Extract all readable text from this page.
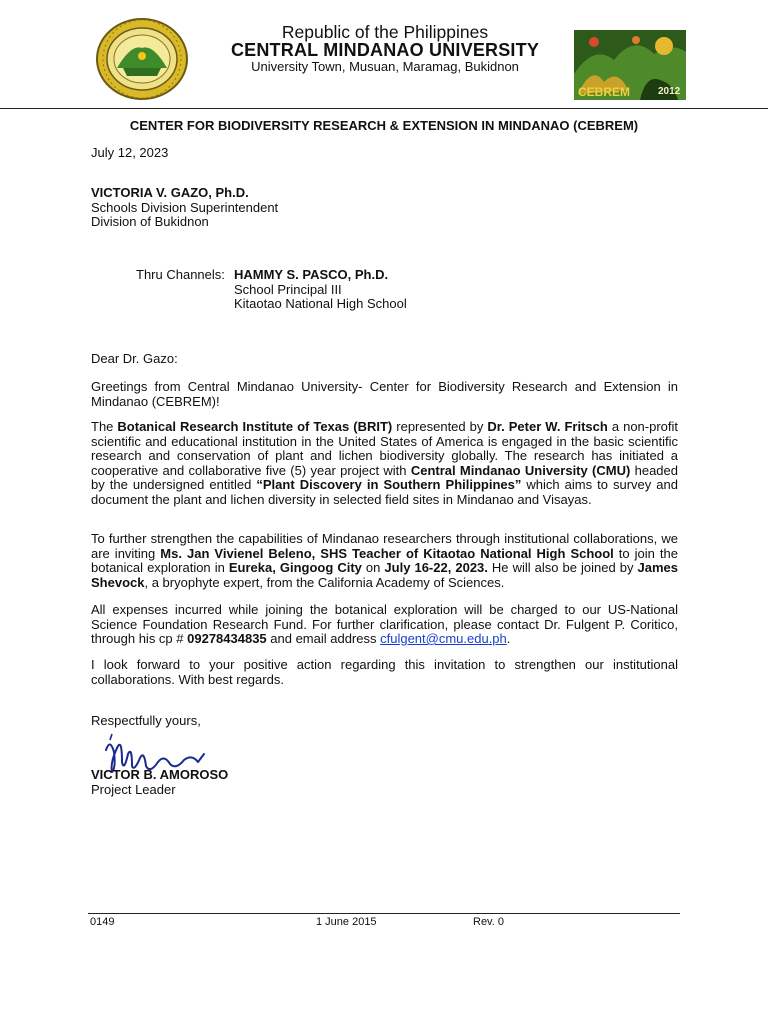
Republic of the Philippines
CENTRAL MINDANAO UNIVERSITY
University Town, Musuan, Maramag, Bukidnon
CEBREM	2012
CENTER FOR BIODIVERSITY RESEARCH & EXTENSION IN MINDANAO (CEBREM)
July 12, 2023
VICTORIA V. GAZO, Ph.D.
Schools Division Superintendent
Division of Bukidnon
Thru Channels: HAMMY S. PASCO, Ph.D.
School Principal III
Kitaotao National High School
Dear Dr. Gazo:
Greetings from Central Mindanao University- Center for Biodiversity Research and Extension in Mindanao (CEBREM)!
The Botanical Research Institute of Texas (BRIT) represented by Dr. Peter W. Fritsch a non-profit scientific and educational institution in the United States of America is engaged in the basic scientific research and conservation of plant and lichen biodiversity globally. The research has initiated a cooperative and collaborative five (5) year project with Central Mindanao University (CMU) headed by the undersigned entitled “Plant Discovery in Southern Philippines” which aims to survey and document the plant and lichen diversity in selected field sites in Mindanao and Visayas.
To further strengthen the capabilities of Mindanao researchers through institutional collaborations, we are inviting Ms. Jan Vivienel Beleno, SHS Teacher of Kitaotao National High School to join the botanical exploration in Eureka, Gingoog City on July 16-22, 2023. He will also be joined by James Shevock, a bryophyte expert, from the California Academy of Sciences.
All expenses incurred while joining the botanical exploration will be charged to our US-National Science Foundation Research Fund. For further clarification, please contact Dr. Fulgent P. Coritico, through his cp # 09278434835 and email address cfulgent@cmu.edu.ph.
I look forward to your positive action regarding this invitation to strengthen our institutional collaborations. With best regards.
Respectfully yours,
VICTOR B. AMOROSO
Project Leader
0149	1 June 2015	Rev. 0
